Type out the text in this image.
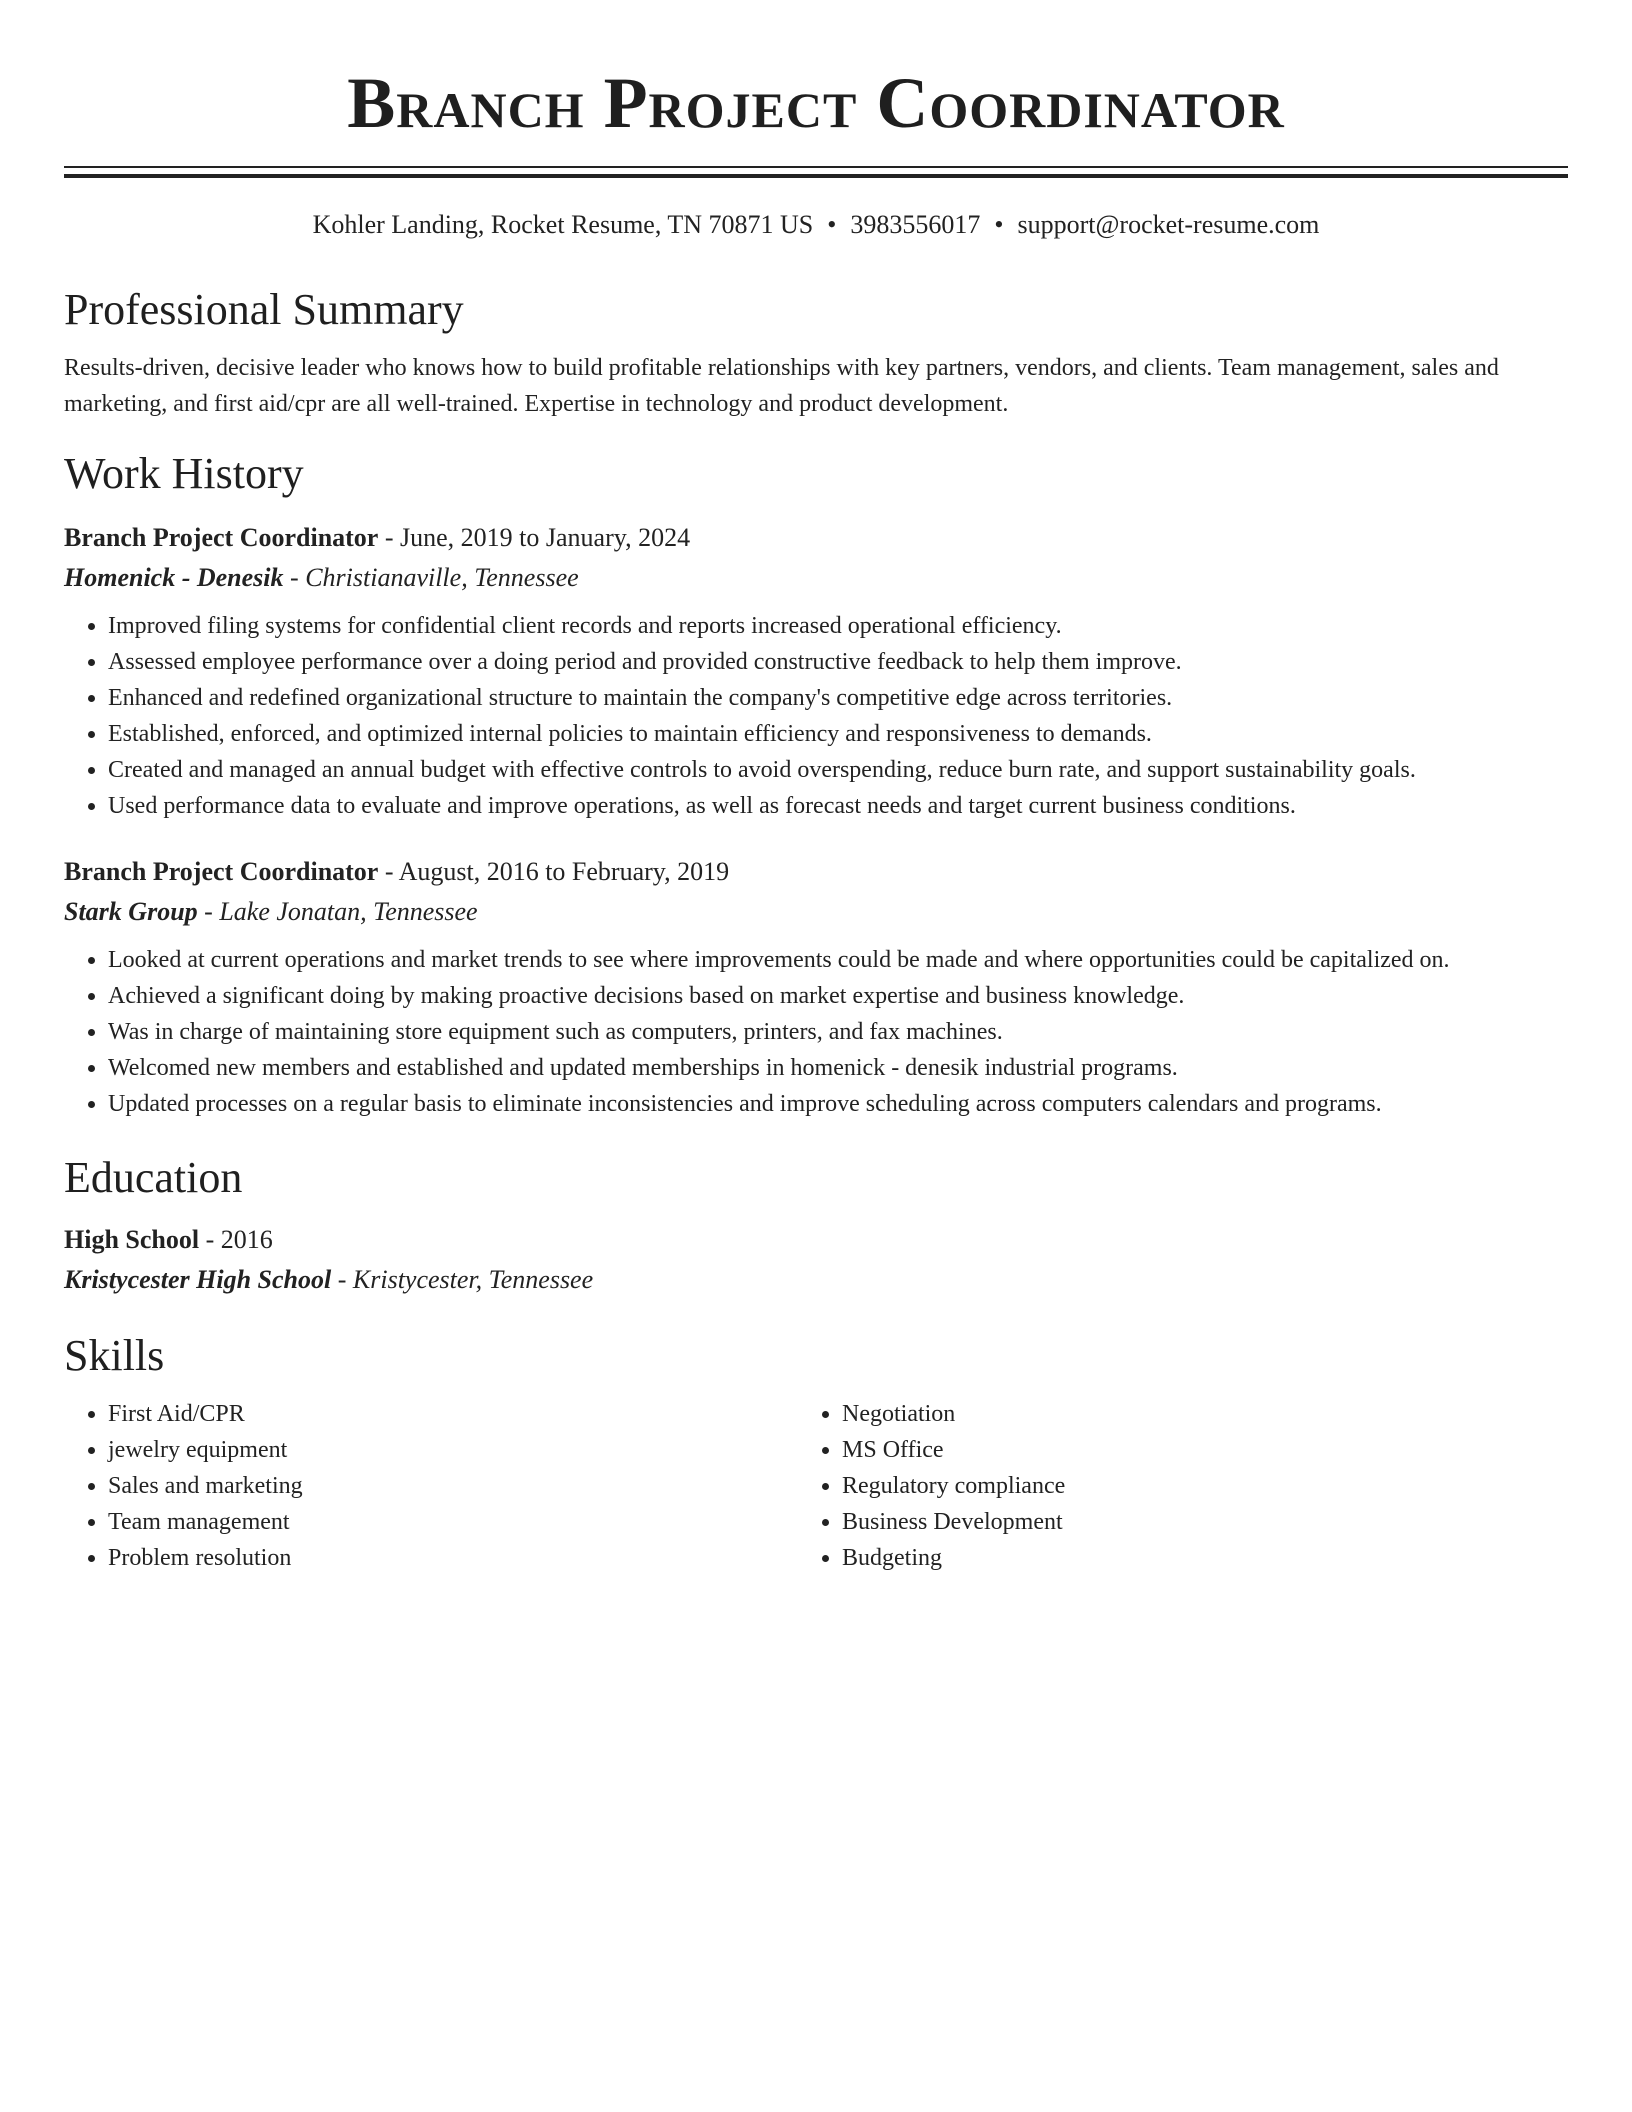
Branch Project Coordinator
Kohler Landing, Rocket Resume, TN 70871 US • 3983556017 • support@rocket-resume.com
Professional Summary
Results-driven, decisive leader who knows how to build profitable relationships with key partners, vendors, and clients. Team management, sales and marketing, and first aid/cpr are all well-trained. Expertise in technology and product development.
Work History
Branch Project Coordinator - June, 2019 to January, 2024
Homenick - Denesik - Christianaville, Tennessee
• Improved filing systems for confidential client records and reports increased operational efficiency.
• Assessed employee performance over a doing period and provided constructive feedback to help them improve.
• Enhanced and redefined organizational structure to maintain the company's competitive edge across territories.
• Established, enforced, and optimized internal policies to maintain efficiency and responsiveness to demands.
• Created and managed an annual budget with effective controls to avoid overspending, reduce burn rate, and support sustainability goals.
• Used performance data to evaluate and improve operations, as well as forecast needs and target current business conditions.
Branch Project Coordinator - August, 2016 to February, 2019
Stark Group - Lake Jonatan, Tennessee
• Looked at current operations and market trends to see where improvements could be made and where opportunities could be capitalized on.
• Achieved a significant doing by making proactive decisions based on market expertise and business knowledge.
• Was in charge of maintaining store equipment such as computers, printers, and fax machines.
• Welcomed new members and established and updated memberships in homenick - denesik industrial programs.
• Updated processes on a regular basis to eliminate inconsistencies and improve scheduling across computers calendars and programs.
Education
High School - 2016
Kristycester High School - Kristycester, Tennessee
Skills
• First Aid/CPR
• jewelry equipment
• Sales and marketing
• Team management
• Problem resolution
• Negotiation
• MS Office
• Regulatory compliance
• Business Development
• Budgeting
